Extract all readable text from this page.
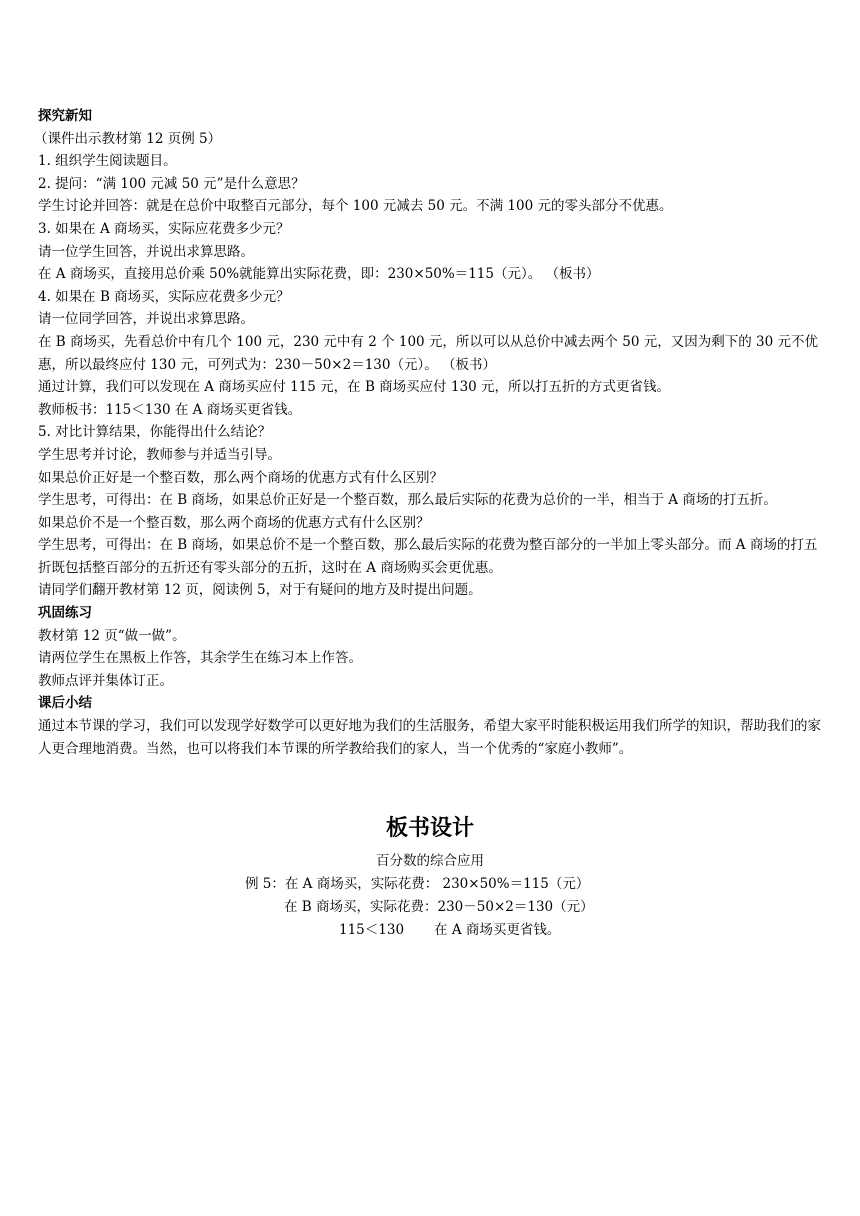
探究新知
（课件出示教材第 12 页例 5）
1. 组织学生阅读题目。
2. 提问：“满 100 元减 50 元”是什么意思？
学生讨论并回答：就是在总价中取整百元部分，每个 100 元减去 50 元。不满 100 元的零头部分不优惠。
3. 如果在 A 商场买，实际应花费多少元？
请一位学生回答，并说出求算思路。
在 A 商场买，直接用总价乘 50%就能算出实际花费，即：230×50%＝115（元）。 （板书）
4. 如果在 B 商场买，实际应花费多少元？
请一位同学回答，并说出求算思路。
在 B 商场买，先看总价中有几个 100 元，230 元中有 2 个 100 元，所以可以从总价中减去两个 50 元，又因为剩下的 30 元不优惠，所以最终应付 130 元，可列式为：230－50×2＝130（元）。 （板书）
通过计算，我们可以发现在 A 商场买应付 115 元，在 B 商场买应付 130 元，所以打五折的方式更省钱。
教师板书：115＜130 在 A 商场买更省钱。
5. 对比计算结果，你能得出什么结论？
学生思考并讨论，教师参与并适当引导。
如果总价正好是一个整百数，那么两个商场的优惠方式有什么区别？
学生思考，可得出：在 B 商场，如果总价正好是一个整百数，那么最后实际的花费为总价的一半，相当于 A 商场的打五折。
如果总价不是一个整百数，那么两个商场的优惠方式有什么区别？
学生思考，可得出：在 B 商场，如果总价不是一个整百数，那么最后实际的花费为整百部分的一半加上零头部分。而 A 商场的打五折既包括整百部分的五折还有零头部分的五折，这时在 A 商场购买会更优惠。
请同学们翻开教材第 12 页，阅读例 5，对于有疑问的地方及时提出问题。
巩固练习
教材第 12 页“做一做”。
请两位学生在黑板上作答，其余学生在练习本上作答。
教师点评并集体订正。
课后小结
通过本节课的学习，我们可以发现学好数学可以更好地为我们的生活服务，希望大家平时能积极运用我们所学的知识，帮助我们的家人更合理地消费。当然，也可以将我们本节课的所学教给我们的家人，当一个优秀的“家庭小教师”。
板书设计
百分数的综合应用
例 5：在 A 商场买，实际花费： 230×50%＝115（元）
在 B 商场买，实际花费：230－50×2＝130（元）
115＜130 在 A 商场买更省钱。
